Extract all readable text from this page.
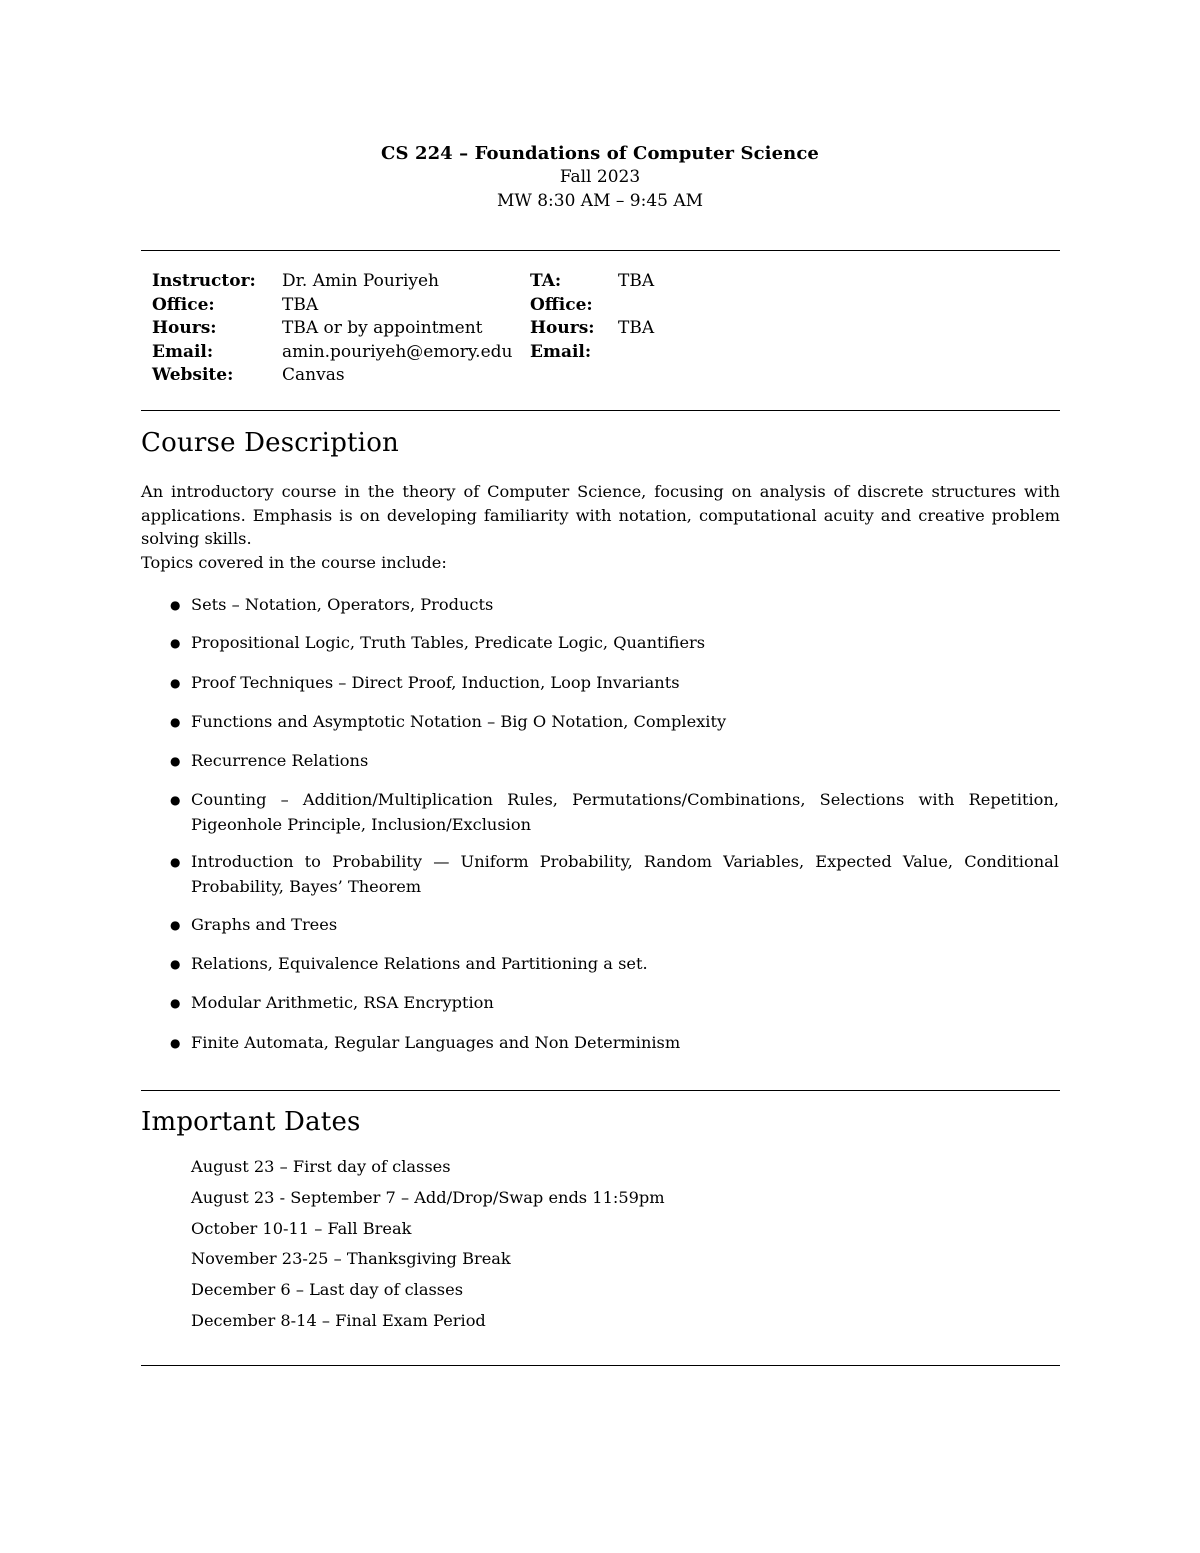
CS 224 – Foundations of Computer Science
Fall 2023
MW 8:30 AM – 9:45 AM
Instructor:	Dr. Amin Pouriyeh	TA:	TBA
Office:	TBA	Office:	
Hours:	TBA or by appointment	Hours:	TBA
Email:	amin.pouriyeh@emory.edu	Email:	
Website:	Canvas		
Course Description

An introductory course in the theory of Computer Science, focusing on analysis of discrete structures with applications. Emphasis is on developing familiarity with notation, computational acuity and creative problem solving skills.

Topics covered in the course include:

● Sets – Notation, Operators, Products
● Propositional Logic, Truth Tables, Predicate Logic, Quantifiers
● Proof Techniques – Direct Proof, Induction, Loop Invariants
● Functions and Asymptotic Notation – Big O Notation, Complexity
● Recurrence Relations
● Counting – Addition/Multiplication Rules, Permutations/Combinations, Selections with Repetition, Pigeonhole Principle, Inclusion/Exclusion
● Introduction to Probability — Uniform Probability, Random Variables, Expected Value, Conditional Probability, Bayes’ Theorem
● Graphs and Trees
● Relations, Equivalence Relations and Partitioning a set.
● Modular Arithmetic, RSA Encryption
● Finite Automata, Regular Languages and Non Determinism
Important Dates
August 23 – First day of classes
August 23 - September 7 – Add/Drop/Swap ends 11:59pm
October 10-11 – Fall Break
November 23-25 – Thanksgiving Break
December 6 – Last day of classes
December 8-14 – Final Exam Period
